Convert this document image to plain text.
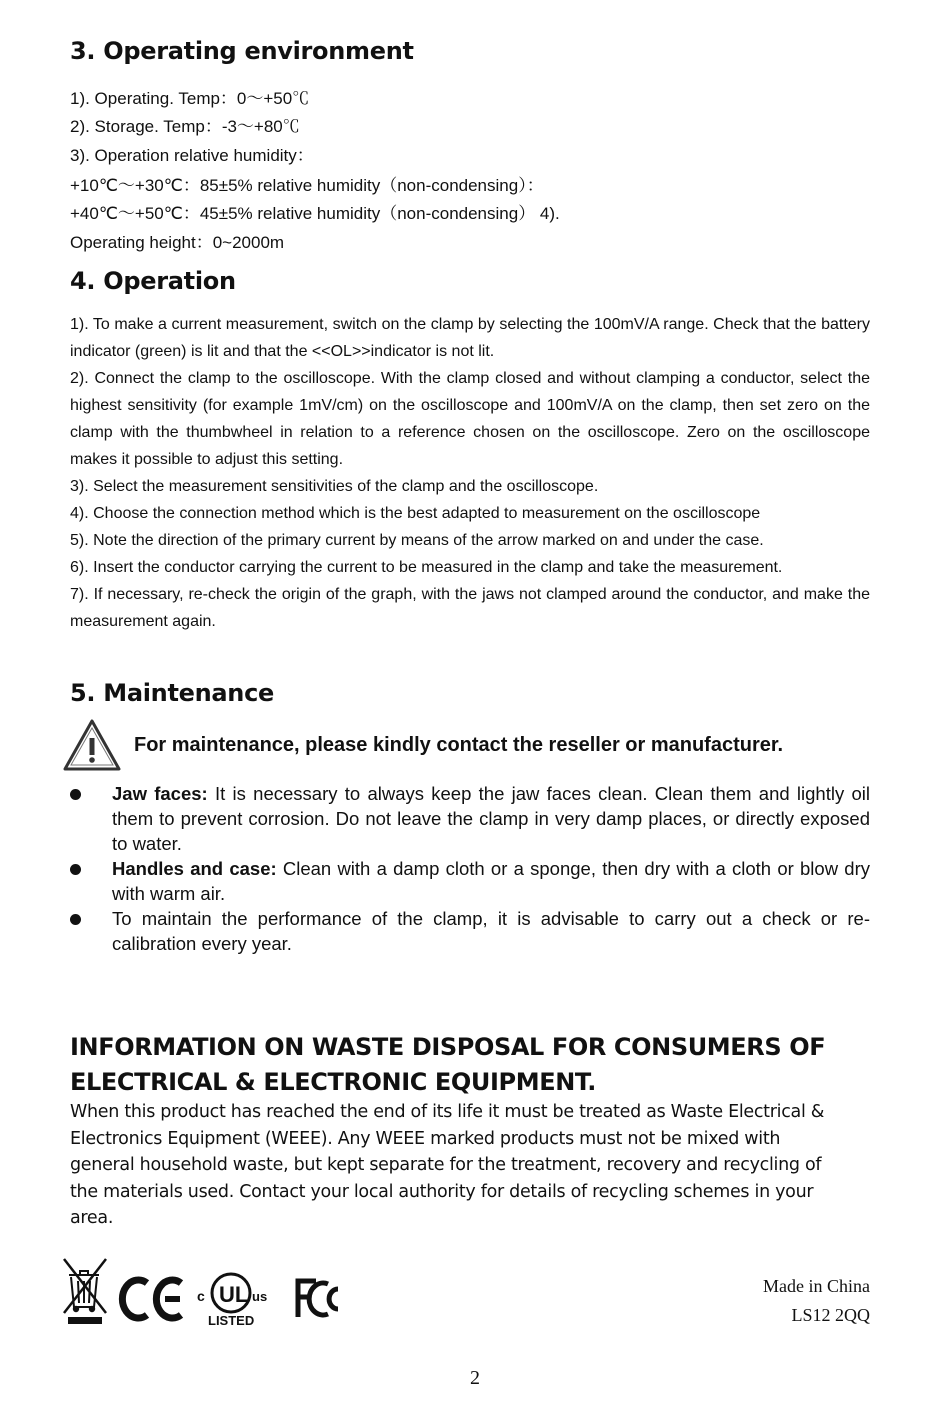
3. Operating environment
1). Operating. Temp：0～+50℃
2). Storage. Temp：-3～+80℃
3). Operation relative humidity：
+10℃～+30℃：85±5% relative humidity（non-condensing）：
+40℃～+50℃：45±5% relative humidity（non-condensing） 4).
Operating height：0~2000m
4. Operation

1). To make a current measurement, switch on the clamp by selecting the 100mV/A range. Check that the battery indicator (green) is lit and that the <<OL>>indicator is not lit.

2). Connect the clamp to the oscilloscope. With the clamp closed and without clamping a conductor, select the highest sensitivity (for example 1mV/cm) on the oscilloscope and 100mV/A on the clamp, then set zero on the clamp with the thumbwheel in relation to a reference chosen on the oscilloscope. Zero on the oscilloscope makes it possible to adjust this setting.

3). Select the measurement sensitivities of the clamp and the oscilloscope.

4). Choose the connection method which is the best adapted to measurement on the oscilloscope

5). Note the direction of the primary current by means of the arrow marked on and under the case.

6). Insert the conductor carrying the current to be measured in the clamp and take the measurement.

7). If necessary, re-check the origin of the graph, with the jaws not clamped around the conductor, and make the measurement again.

5. Maintenance
For maintenance, please kindly contact the reseller or manufacturer.
Jaw faces: It is necessary to always keep the jaw faces clean. Clean them and lightly oil them to prevent corrosion. Do not leave the clamp in very damp places, or directly exposed to water.
Handles and case: Clean with a damp cloth or a sponge, then dry with a cloth or blow dry with warm air.
To maintain the performance of the clamp, it is advisable to carry out a check or re-calibration every year.
INFORMATION ON WASTE DISPOSAL FOR CONSUMERS OF
ELECTRICAL & ELECTRONIC EQUIPMENT.
When this product has reached the end of its life it must be treated as Waste Electrical &
Electronics Equipment (WEEE). Any WEEE marked products must not be mixed with
general household waste, but kept separate for the treatment, recovery and recycling of
the materials used. Contact your local authority for details of recycling schemes in your
area.
c UL us
LISTED
Made in China
LS12 2QQ
2
